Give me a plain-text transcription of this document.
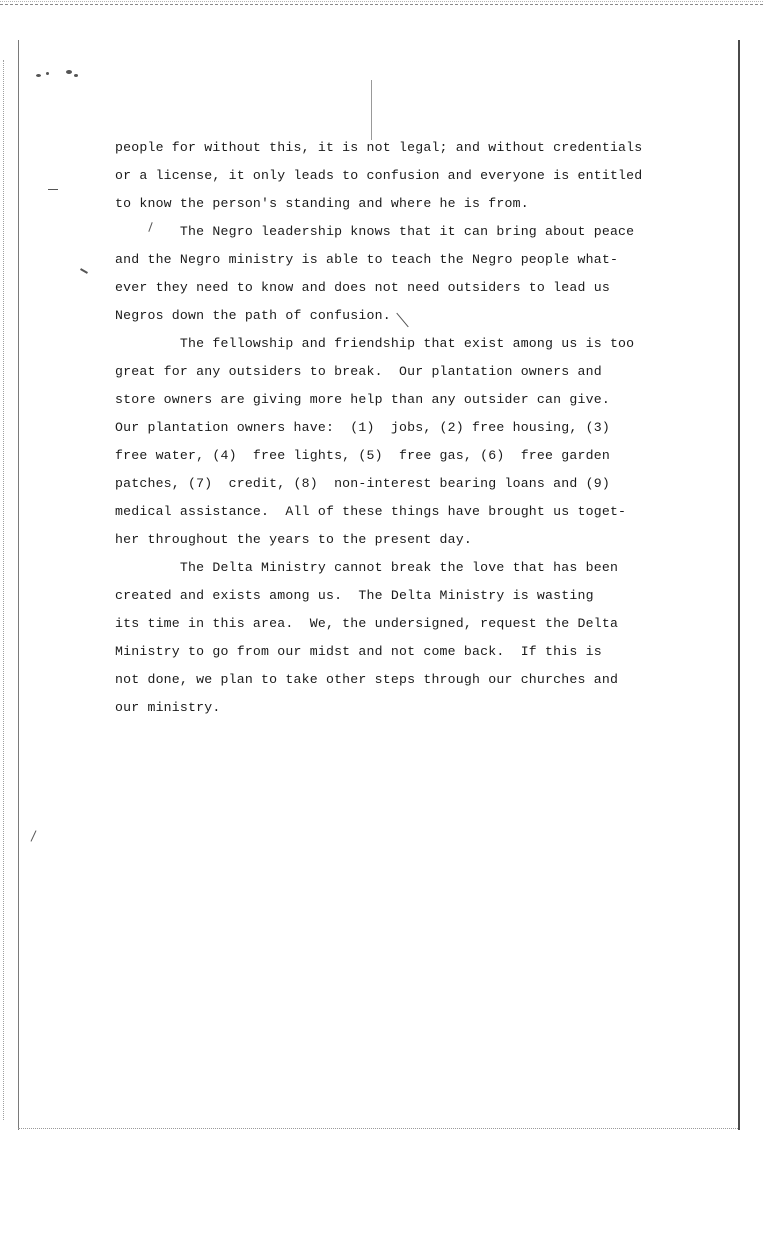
people for without this, it is not legal; and without credentials
or a license, it only leads to confusion and everyone is entitled
to know the person's standing and where he is from.
The Negro leadership knows that it can bring about peace
and the Negro ministry is able to teach the Negro people what-
ever they need to know and does not need outsiders to lead us
Negros down the path of confusion.
The fellowship and friendship that exist among us is too
great for any outsiders to break.  Our plantation owners and
store owners are giving more help than any outsider can give.
Our plantation owners have:  (1)  jobs, (2) free housing, (3)
free water, (4)  free lights, (5)  free gas, (6)  free garden
patches, (7)  credit, (8)  non-interest bearing loans and (9)
medical assistance.  All of these things have brought us toget-
her throughout the years to the present day.
The Delta Ministry cannot break the love that has been
created and exists among us.  The Delta Ministry is wasting
its time in this area.  We, the undersigned, request the Delta
Ministry to go from our midst and not come back.  If this is
not done, we plan to take other steps through our churches and
our ministry.
